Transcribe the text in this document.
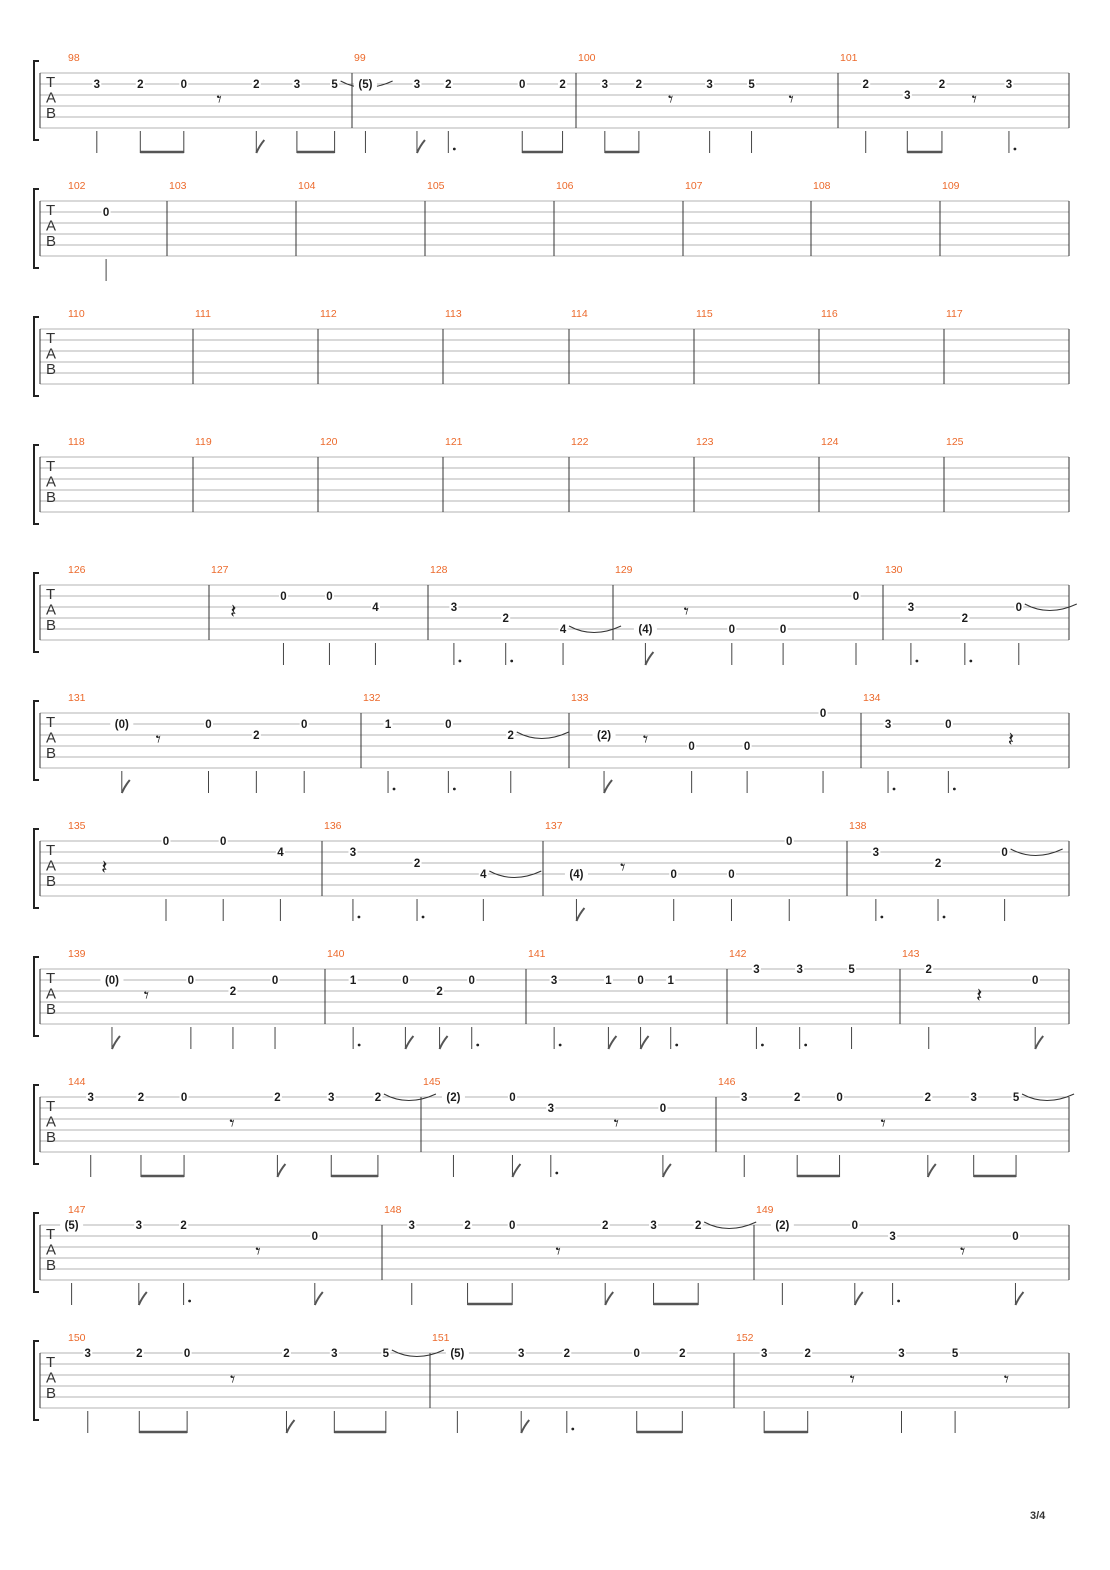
T
A
B
98
3	2	0
𝄾
2	3	5
99
(5)	3 2	0	2
100
3 2
𝄾
3	5
𝄾
101
2
3
2
𝄾
3
T
A
B
102
0
103	104	105	106	107	108	109
T
A
B
110	111	112	113	114	115	116	117
T
A
B
118	119	120	121	122	123	124	125
T
A
B
126	127
𝄽
0	0
4
128
3
2
4
129
(4)
𝄾
0	0
0
130
3
2
0
T
A
B
131
(0)
𝄾
0
2
0
132
1	0
2
133
(2) 𝄾	0	0
0
134
3	0
𝄽
T
A
B
135
𝄽
0	0
4
136
3
2
4
137
(4) 𝄾	0	0
0
138
3
2
0
T
A
B
139
(0)
𝄾
0
2
0
140
1	0
2
0
141
3	1 0 1
142
3	3	5
143
2
𝄽
0
T
A
B
144
3	2	0
𝄾
2	3	2
145
(2)	0
3
𝄾
0
146
3	2	0
𝄾
2	3	5
T
A
B
147
(5)	3	2
𝄾
0
148
3	2	0
𝄾
2	3	2
149
(2)	0
3
𝄾
0
T
A
B
150
3	2	0
𝄾
2	3	5
151
(5)	3	2	0	2
152
3	2
𝄾
3	5
𝄾
3/4
